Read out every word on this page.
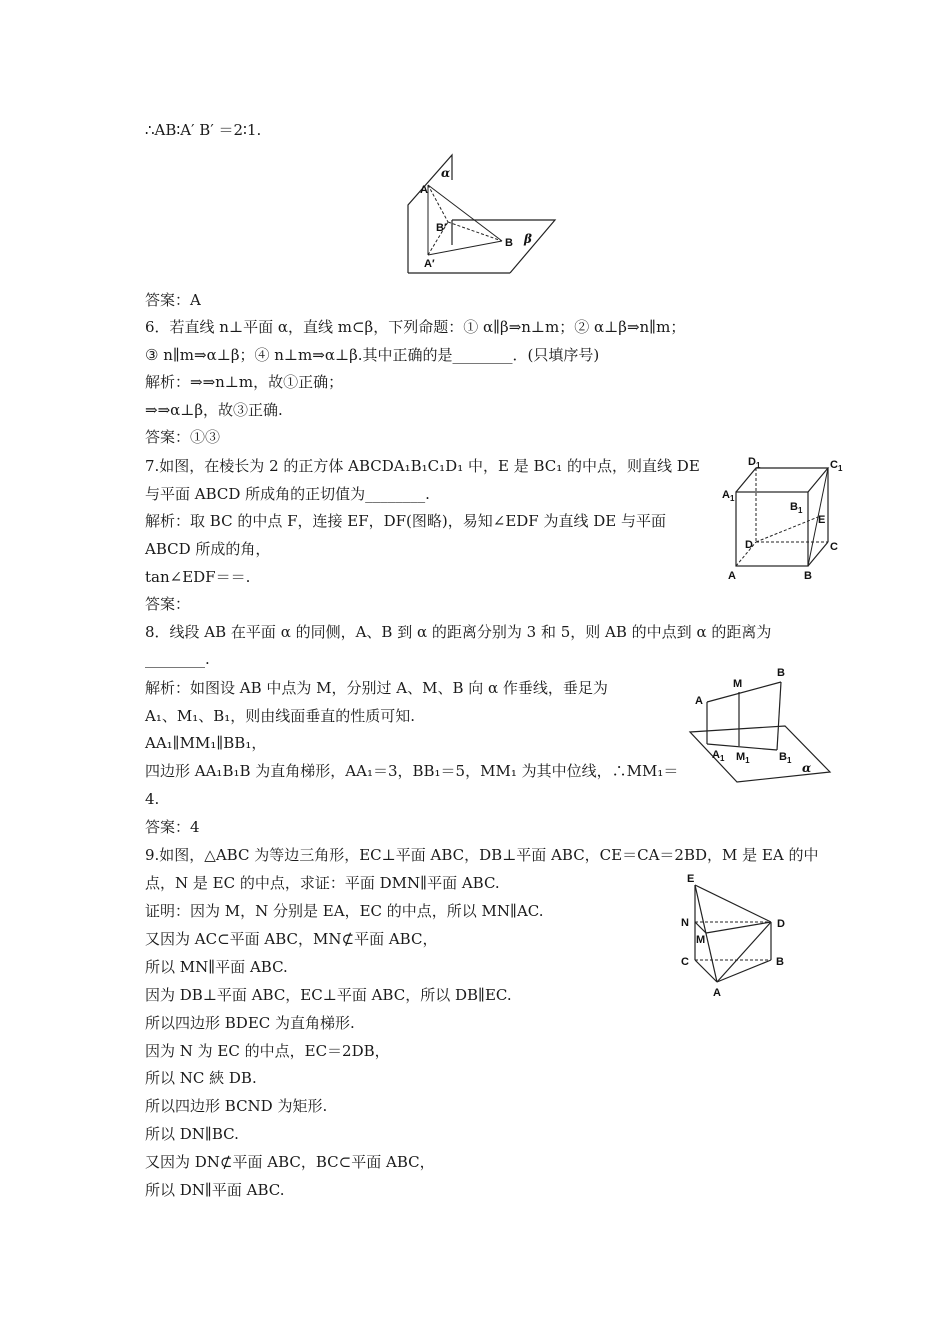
∴AB∶A′ B′ ＝2∶1.
答案：A
6．若直线 n⊥平面 α，直线 m⊂β，下列命题：① α∥β⇒n⊥m；② α⊥β⇒n∥m；
③ n∥m⇒α⊥β；④ n⊥m⇒α⊥β.其中正确的是________．(只填序号)
解析：⇒⇒n⊥m，故①正确；
⇒⇒α⊥β，故③正确.
答案：①③
7.如图，在棱长为 2 的正方体 ABCDA₁B₁C₁D₁ 中，E 是 BC₁ 的中点，则直线 DE
与平面 ABCD 所成角的正切值为________.
解析：取 BC 的中点 F，连接 EF，DF(图略)，易知∠EDF 为直线 DE 与平面
ABCD 所成的角，
tan∠EDF＝＝.
答案：
8．线段 AB 在平面 α 的同侧，A、B 到 α 的距离分别为 3 和 5，则 AB 的中点到 α 的距离为
________.
解析：如图设 AB 中点为 M，分别过 A、M、B 向 α 作垂线，垂足为
A₁、M₁、B₁，则由线面垂直的性质可知.
AA₁∥MM₁∥BB₁，
四边形 AA₁B₁B 为直角梯形，AA₁＝3，BB₁＝5，MM₁ 为其中位线，∴MM₁＝
4.
答案：4
9.如图，△ABC 为等边三角形，EC⊥平面 ABC，DB⊥平面 ABC，CE＝CA＝2BD，M 是 EA 的中
点，N 是 EC 的中点，求证：平面 DMN∥平面 ABC.
证明：因为 M，N 分别是 EA，EC 的中点，所以 MN∥AC.
又因为 AC⊂平面 ABC，MN⊄平面 ABC，
所以 MN∥平面 ABC.
因为 DB⊥平面 ABC，EC⊥平面 ABC，所以 DB∥EC.
所以四边形 BDEC 为直角梯形.
因为 N 为 EC 的中点，EC＝2DB，
所以 NC 綊 DB.
所以四边形 BCND 为矩形.
所以 DN∥BC.
又因为 DN⊄平面 ABC，BC⊂平面 ABC，
所以 DN∥平面 ABC.
α
A
B′
B β
A′
$D_1$	$C_1$
$A_1$
$B_1$
E
D	C
A	B
A
M
B
$A_1$ $M_1$	$B_1$
α
E
N
M
D
C	B
A
